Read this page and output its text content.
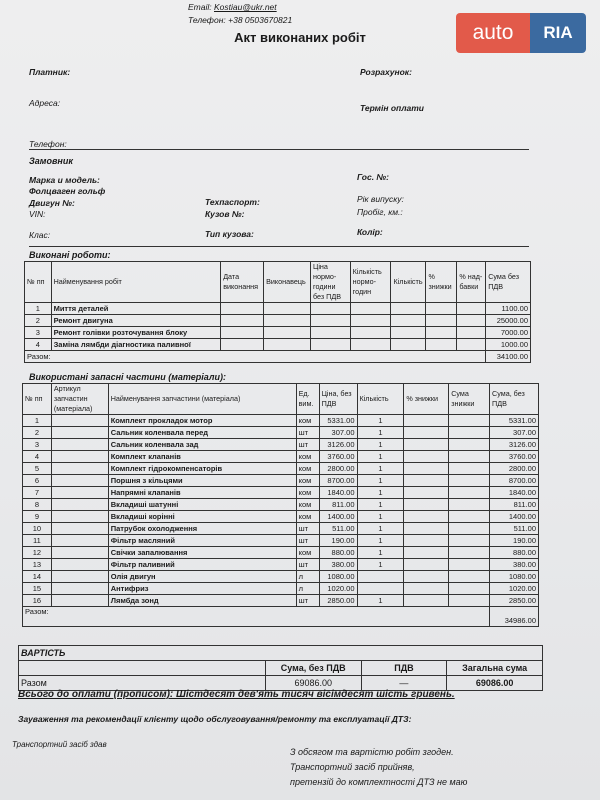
auto	RIA
Email: Kostiau@ukr.net
Телефон: +38 0503670821
Акт виконаних робіт
Платник:	Розрахунок:
Адреса:	Термін оплати
Телефон:
Замовник
Марка и модель:
Фолцваген гольф
Гос. №:
Двигун №:	Техпаспорт:	Рік випуску:
VIN:	Кузов №:	Пробіг, км.:
Клас:	Тип кузова:	Колір:
Виконані роботи:
№ пп	Найменування робіт	Дата виконання	Виконавець	Ціна нормо-години без ПДВ	Кількість нормо-годин	Кількість	% знижки	% над-бавки	Сума без ПДВ
1	Миття деталей								1100.00
2	Ремонт двигуна								25000.00
3	Ремонт голівки розточування блоку								7000.00
4	Заміна лямбди діагностика паливної								1000.00
Разом:									34100.00
Використані запасні частини (матеріали):
№ пп	Артикул запчастин (матеріала)	Найменування запчастини (матеріала)	Ед. вим.	Ціна, без ПДВ	Кількість	% знижки	Сума знижки	Сума, без ПДВ
1		Комплект прокладок мотор	ком	5331.00	1			5331.00
2		Сальник коленвала перед	шт	307.00	1			307.00
3		Сальник коленвала зад	шт	3126.00	1			3126.00
4		Комплект клапанів	ком	3760.00	1			3760.00
5		Комплект гідрокомпенсаторів	ком	2800.00	1			2800.00
6		Поршня з кільцями	ком	8700.00	1			8700.00
7		Напрямні клапанів	ком	1840.00	1			1840.00
8		Вкладиші шатунні	ком	811.00	1			811.00
9		Вкладиші корінні	ком	1400.00	1			1400.00
10		Патрубок охолодження	шт	511.00	1			511.00
11		Фільтр масляний	шт	190.00	1			190.00
12		Свічки запалювання	ком	880.00	1			880.00
13		Фільтр паливний	шт	380.00	1			380.00
14		Олія двигун	л	1080.00				1080.00
15		Антифриз	л	1020.00				1020.00
16		Лямбда зонд	шт	2850.00	1			2850.00
Разом:								34986.00
ВАРТІСТЬ			
	Сума, без ПДВ	ПДВ	Загальна сума
Разом	69086.00	—	69086.00
Всього до оплати (прописом): Шістдесят дев'ять тисяч вісімдесят шість гривень.
Зауваження та рекомендації клієнту щодо обслуговування/ремонту та експлуатації ДТЗ:
Транспортний засіб здав
З обсягом та вартістю робіт згоден.
Транспортний засіб прийняв,
претензій до комплектності ДТЗ не маю
